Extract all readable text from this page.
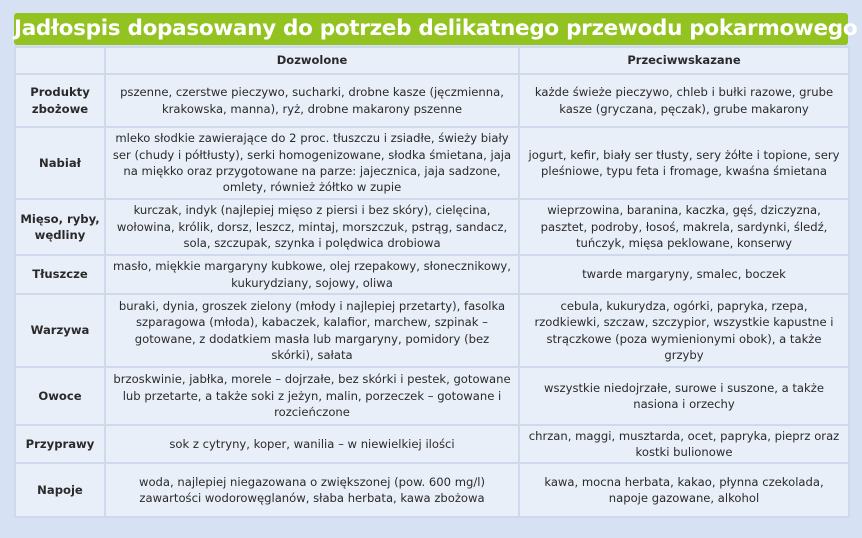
Jadłospis dopasowany do potrzeb delikatnego przewodu pokarmowego
	Dozwolone	Przeciwwskazane
Produkty zbożowe	pszenne, czerstwe pieczywo, sucharki, drobne kasze (jęczmienna, krakowska, manna), ryż, drobne makarony pszenne	każde świeże pieczywo, chleb i bułki razowe, grube kasze (gryczana, pęczak), grube makarony
Nabiał	mleko słodkie zawierające do 2 proc. tłuszczu i zsiadłe, świeży biały ser (chudy i półtłusty), serki homogenizowane, słodka śmietana, jaja na miękko oraz przygotowane na parze: jajecznica, jaja sadzone, omlety, również żółtko w zupie	jogurt, kefir, biały ser tłusty, sery żółte i topione, sery pleśniowe, typu feta i fromage, kwaśna śmietana
Mięso, ryby, wędliny	kurczak, indyk (najlepiej mięso z piersi i bez skóry), cielęcina, wołowina, królik, dorsz, leszcz, mintaj, morszczuk, pstrąg, sandacz, sola, szczupak, szynka i polędwica drobiowa	wieprzowina, baranina, kaczka, gęś, dziczyzna, pasztet, podroby, łosoś, makrela, sardynki, śledź, tuńczyk, mięsa peklowane, konserwy
Tłuszcze	masło, miękkie margaryny kubkowe, olej rzepakowy, słonecznikowy, kukurydziany, sojowy, oliwa	twarde margaryny, smalec, boczek
Warzywa	buraki, dynia, groszek zielony (młody i najlepiej przetarty), fasolka szparagowa (młoda), kabaczek, kalafior, marchew, szpinak – gotowane, z dodatkiem masła lub margaryny, pomidory (bez skórki), sałata	cebula, kukurydza, ogórki, papryka, rzepa, rzodkiewki, szczaw, szczypior, wszystkie kapustne i strączkowe (poza wymienionymi obok), a także grzyby
Owoce	brzoskwinie, jabłka, morele – dojrzałe, bez skórki i pestek, gotowane lub przetarte, a także soki z jeżyn, malin, porzeczek – gotowane i rozcieńczone	wszystkie niedojrzałe, surowe i suszone, a także nasiona i orzechy
Przyprawy	sok z cytryny, koper, wanilia – w niewielkiej ilości	chrzan, maggi, musztarda, ocet, papryka, pieprz oraz kostki bulionowe
Napoje	woda, najlepiej niegazowana o zwiększonej (pow. 600 mg/l) zawartości wodorowęglanów, słaba herbata, kawa zbożowa	kawa, mocna herbata, kakao, płynna czekolada, napoje gazowane, alkohol
